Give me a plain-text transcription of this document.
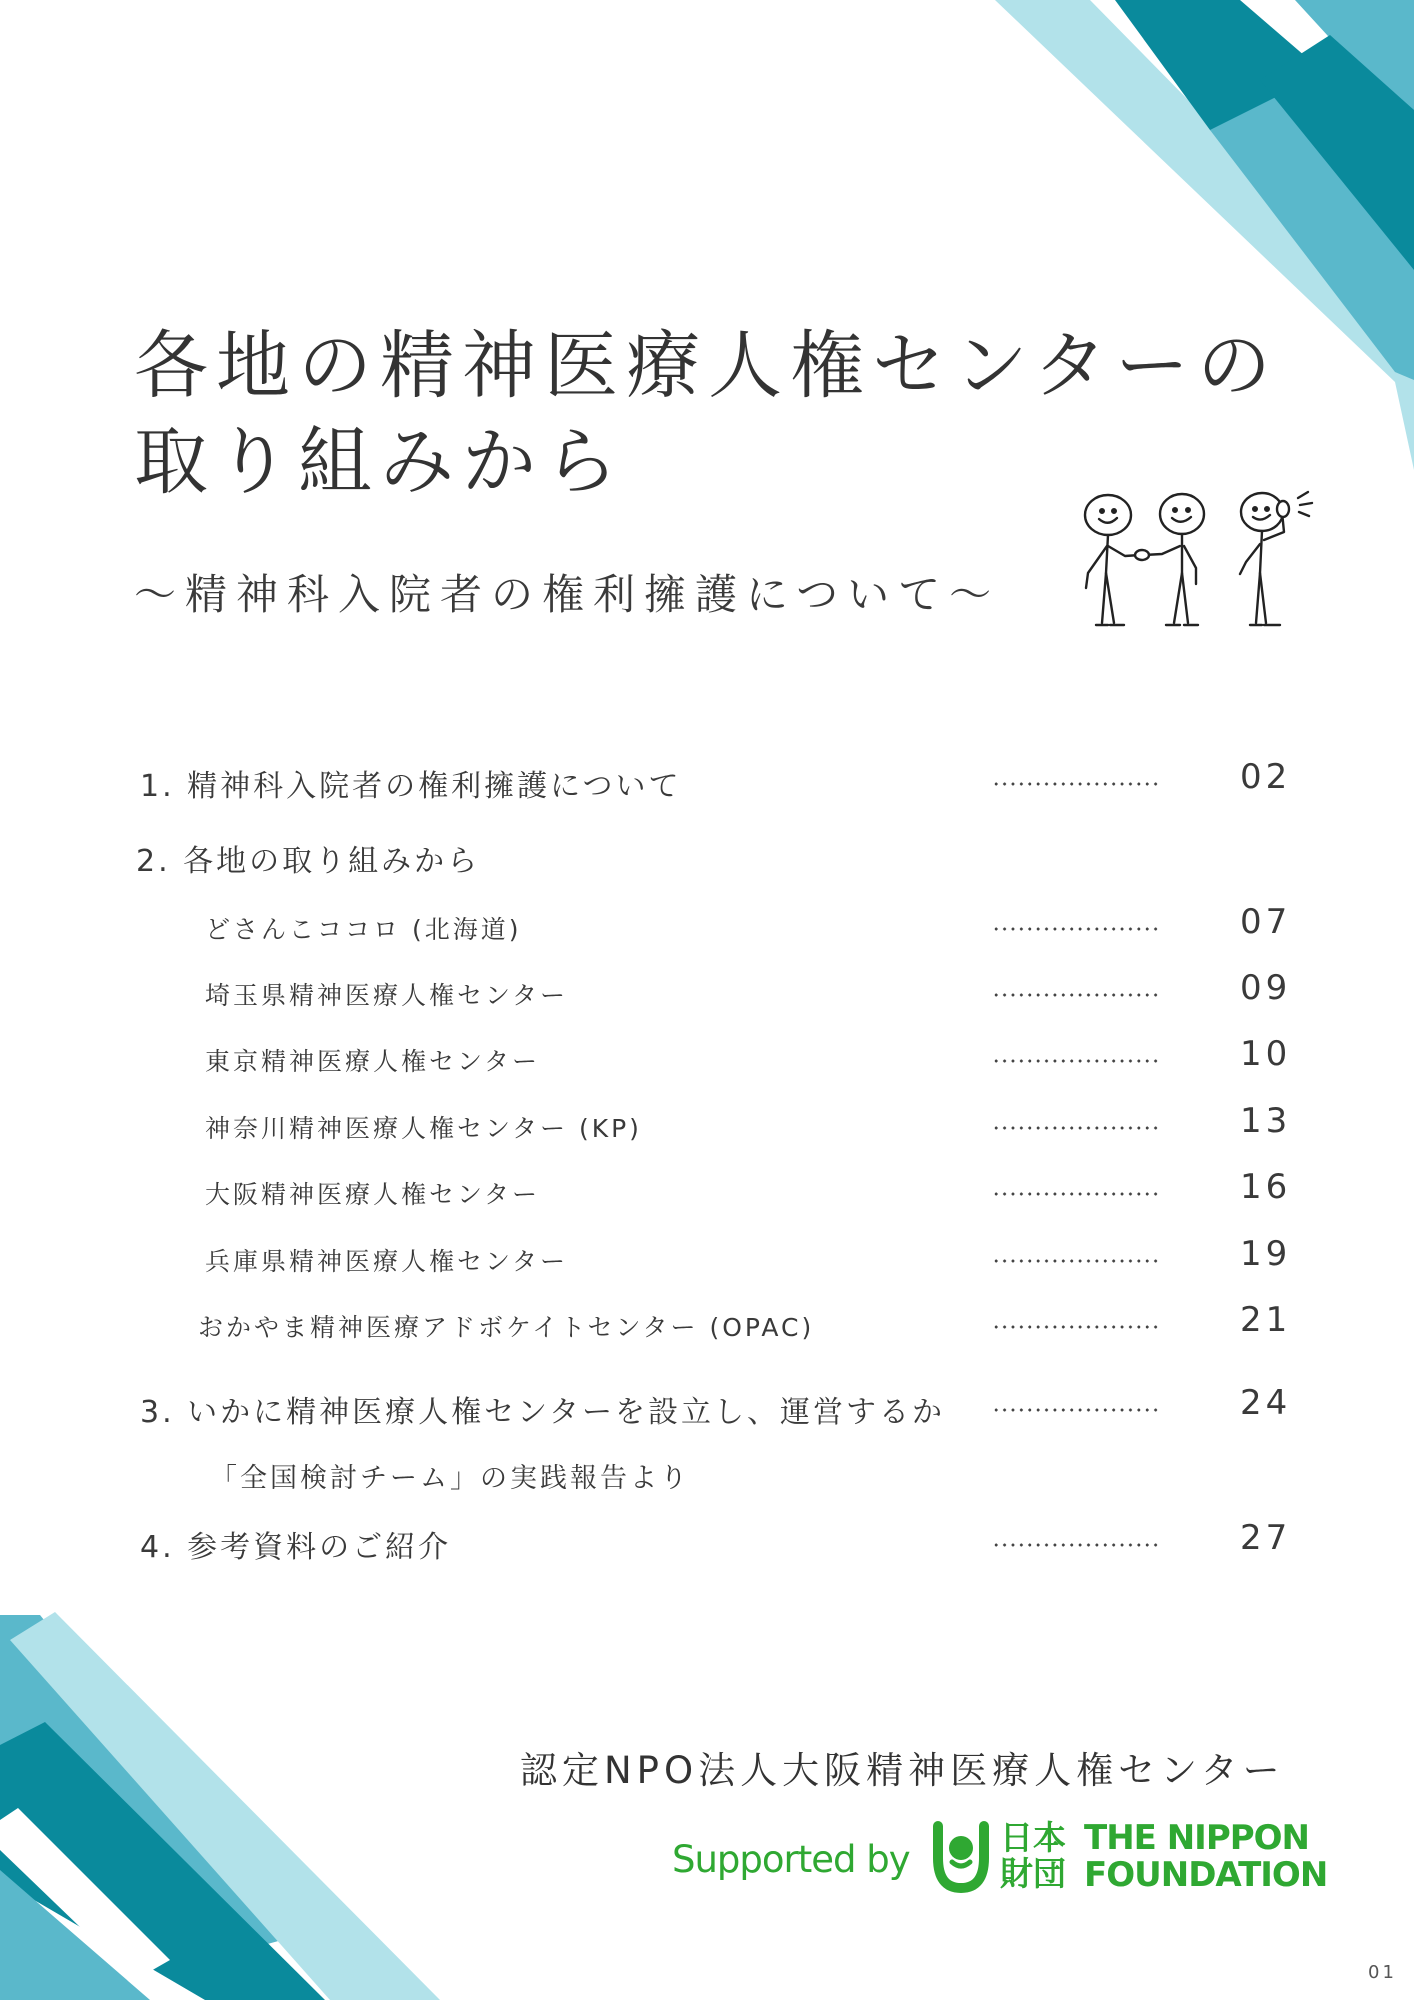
各地の精神医療人権センターの
取り組みから
～精神科入院者の権利擁護について～
1. 精神科入院者の権利擁護について	02
2. 各地の取り組みから
どさんこココロ (北海道)	07
埼玉県精神医療人権センター	09
東京精神医療人権センター	10
神奈川精神医療人権センター (KP)	13
大阪精神医療人権センター	16
兵庫県精神医療人権センター	19
おかやま精神医療アドボケイトセンター (OPAC)	21
3. いかに精神医療人権センターを設立し、運営するか	24
「全国検討チーム」の実践報告より
4. 参考資料のご紹介	27
認定NPO法人大阪精神医療人権センター
Supported by
日本
財団
THE NIPPON
FOUNDATION
01
